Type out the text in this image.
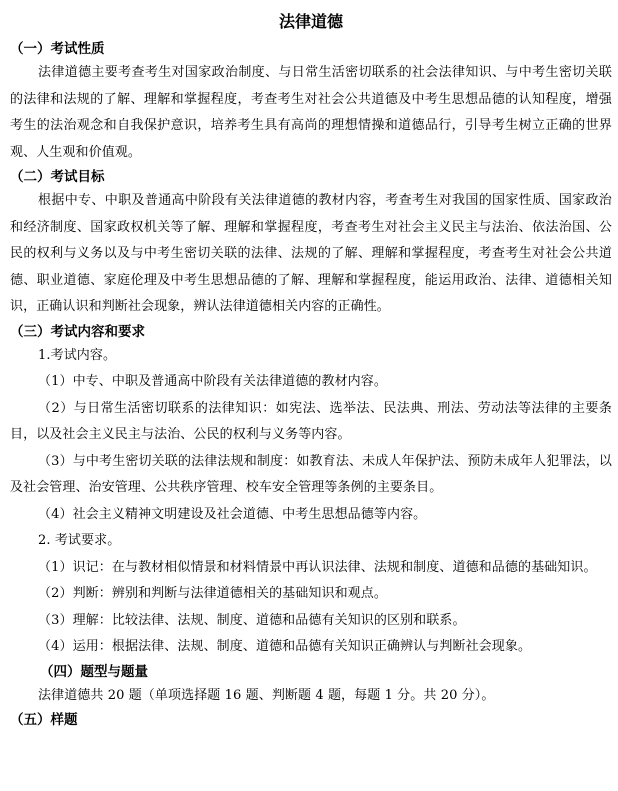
法律道德
（一）考试性质

法律道德主要考查考生对国家政治制度、与日常生活密切联系的社会法律知识、与中考生密切关联的法律和法规的了解、理解和掌握程度，考查考生对社会公共道德及中考生思想品德的认知程度，增强考生的法治观念和自我保护意识，培养考生具有高尚的理想情操和道德品行，引导考生树立正确的世界观、人生观和价值观。

（二）考试目标

根据中专、中职及普通高中阶段有关法律道德的教材内容，考查考生对我国的国家性质、国家政治和经济制度、国家政权机关等了解、理解和掌握程度，考查考生对社会主义民主与法治、依法治国、公民的权利与义务以及与中考生密切关联的法律、法规的了解、理解和掌握程度，考查考生对社会公共道德、职业道德、家庭伦理及中考生思想品德的了解、理解和掌握程度，能运用政治、法律、道德相关知识，正确认识和判断社会现象，辨认法律道德相关内容的正确性。

（三）考试内容和要求

1.考试内容。

（1）中专、中职及普通高中阶段有关法律道德的教材内容。

（2）与日常生活密切联系的法律知识：如宪法、选举法、民法典、刑法、劳动法等法律的主要条目，以及社会主义民主与法治、公民的权利与义务等内容。

（3）与中考生密切关联的法律法规和制度：如教育法、未成人年保护法、预防未成年人犯罪法，以及社会管理、治安管理、公共秩序管理、校车安全管理等条例的主要条目。

（4）社会主义精神文明建设及社会道德、中考生思想品德等内容。

2. 考试要求。

（1）识记：在与教材相似情景和材料情景中再认识法律、法规和制度、道德和品德的基础知识。

（2）判断：辨别和判断与法律道德相关的基础知识和观点。

（3）理解：比较法律、法规、制度、道德和品德有关知识的区别和联系。

（4）运用：根据法律、法规、制度、道德和品德有关知识正确辨认与判断社会现象。

（四）题型与题量

法律道德共 20 题（单项选择题 16 题、判断题 4 题，每题 1 分。共 20 分）。

（五）样题
